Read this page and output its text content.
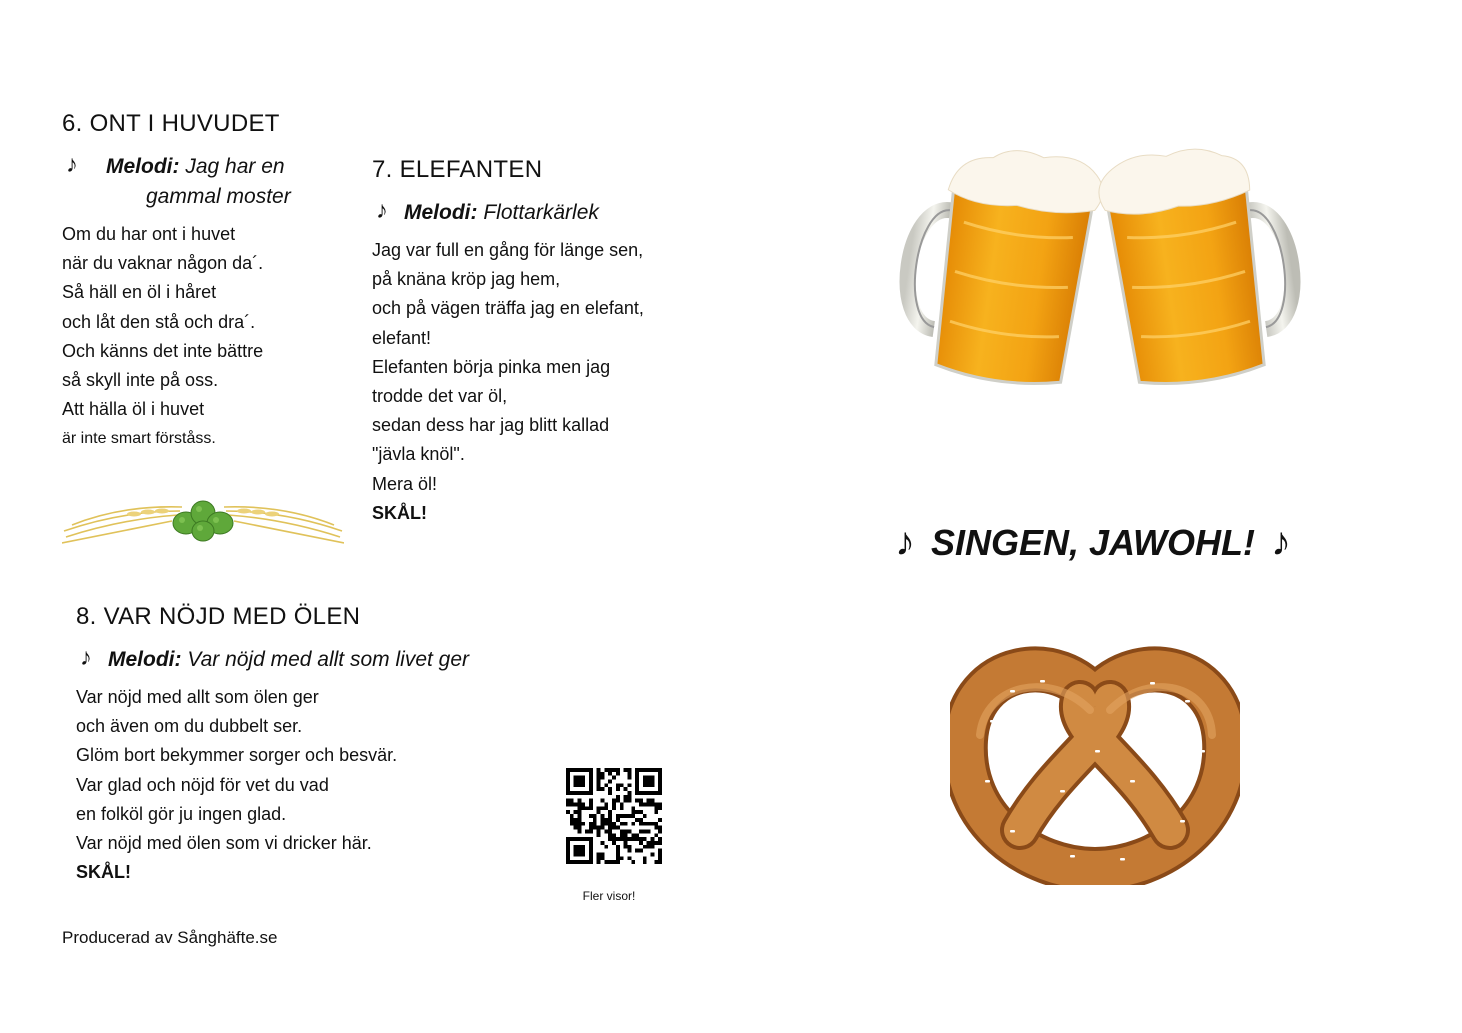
6. ONT I HUVUDET
♪	Melodi: Jag har en
gammal moster
Om du har ont i huvet
när du vaknar någon da´.
Så häll en öl i håret
och låt den stå och dra´.
Och känns det inte bättre
så skyll inte på oss.
Att hälla öl i huvet
är inte smart förståss.
7. ELEFANTEN
♪ Melodi: Flottarkärlek
Jag var full en gång för länge sen,
på knäna kröp jag hem,
och på vägen träffa jag en elefant,
elefant!
Elefanten börja pinka men jag
trodde det var öl,
sedan dess har jag blitt kallad
"jävla knöl".
Mera öl!
SKÅL!
8. VAR NÖJD MED ÖLEN
♪ Melodi: Var nöjd med allt som livet ger
Var nöjd med allt som ölen ger
och även om du dubbelt ser.
Glöm bort bekymmer sorger och besvär.
Var glad och nöjd för vet du vad
en folköl gör ju ingen glad.
Var nöjd med ölen som vi dricker här.
SKÅL!
Fler visor!
Producerad av Sånghäfte.se
♪ SINGEN, JAWOHL! ♪
